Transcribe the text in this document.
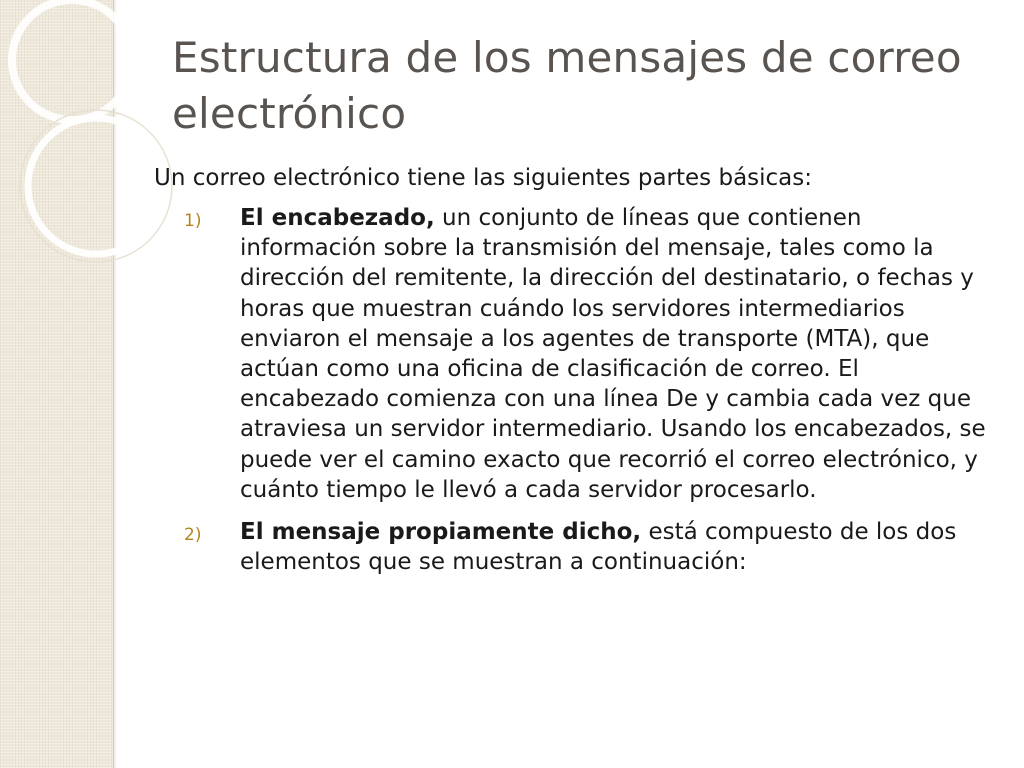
Estructura de los mensajes de correo electrónico

Un correo electrónico tiene las siguientes partes básicas:

1) El encabezado, un conjunto de líneas que contienen información sobre la transmisión del mensaje, tales como la dirección del remitente, la dirección del destinatario, o fechas y horas que muestran cuándo los servidores intermediarios enviaron el mensaje a los agentes de transporte (MTA), que actúan como una oficina de clasificación de correo. El encabezado comienza con una línea De y cambia cada vez que atraviesa un servidor intermediario. Usando los encabezados, se puede ver el camino exacto que recorrió el correo electrónico, y cuánto tiempo le llevó a cada servidor procesarlo.
2) El mensaje propiamente dicho, está compuesto de los dos elementos que se muestran a continuación:
